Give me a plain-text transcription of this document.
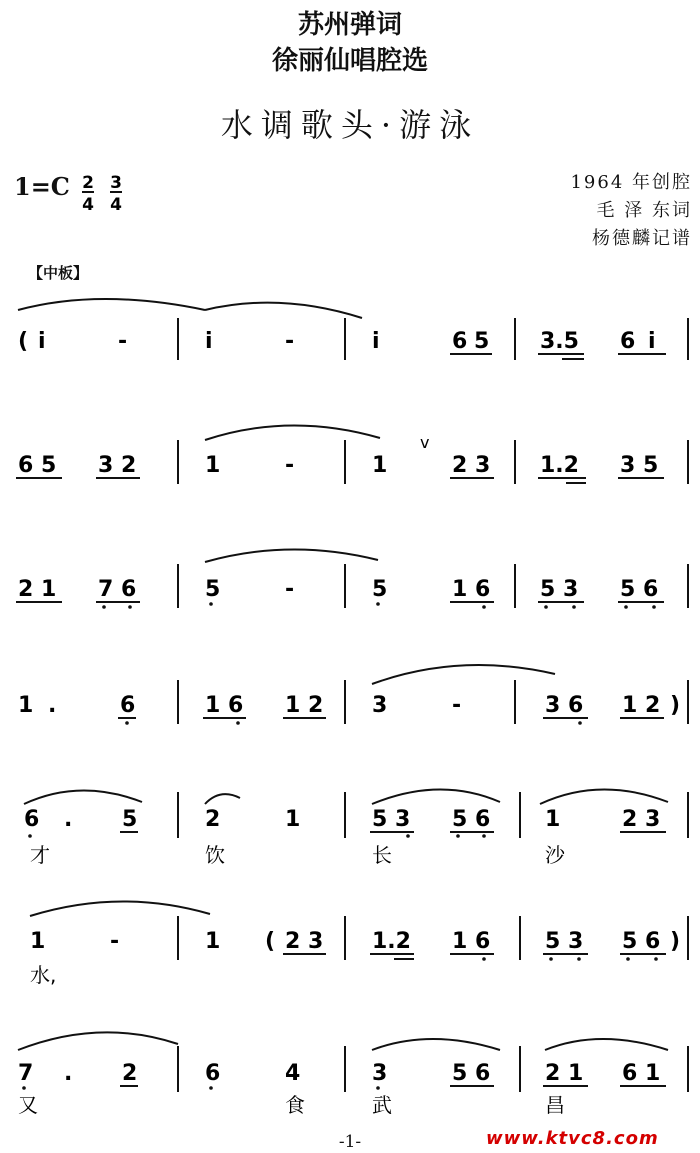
苏州弹词
徐丽仙唱腔选
水调歌头·游泳
1=C 2
4
3
4
1964 年创腔
毛 泽 东词
杨德麟记谱
【中板】
( i	-	i	-	i	6 5 3.5 6 i
6 5 3 2	1	-	1
v
2 3 1.2 3 5
2 1 7 6	5	-	5	1 6 5 3 5 6
1 .	6	1 6 1 2 3	-	3 6 1 2 )
6 . 5	2	1	5 3 5 6 1	2 3
才	饮	长	沙
1	-	1 ( 2 3 1.2 1 6 5 3 5 6 )
水,
7 . 2	6	4	3	5 6 2 1 6 1
又	食	武	昌
-1-	www.ktvc8.com
